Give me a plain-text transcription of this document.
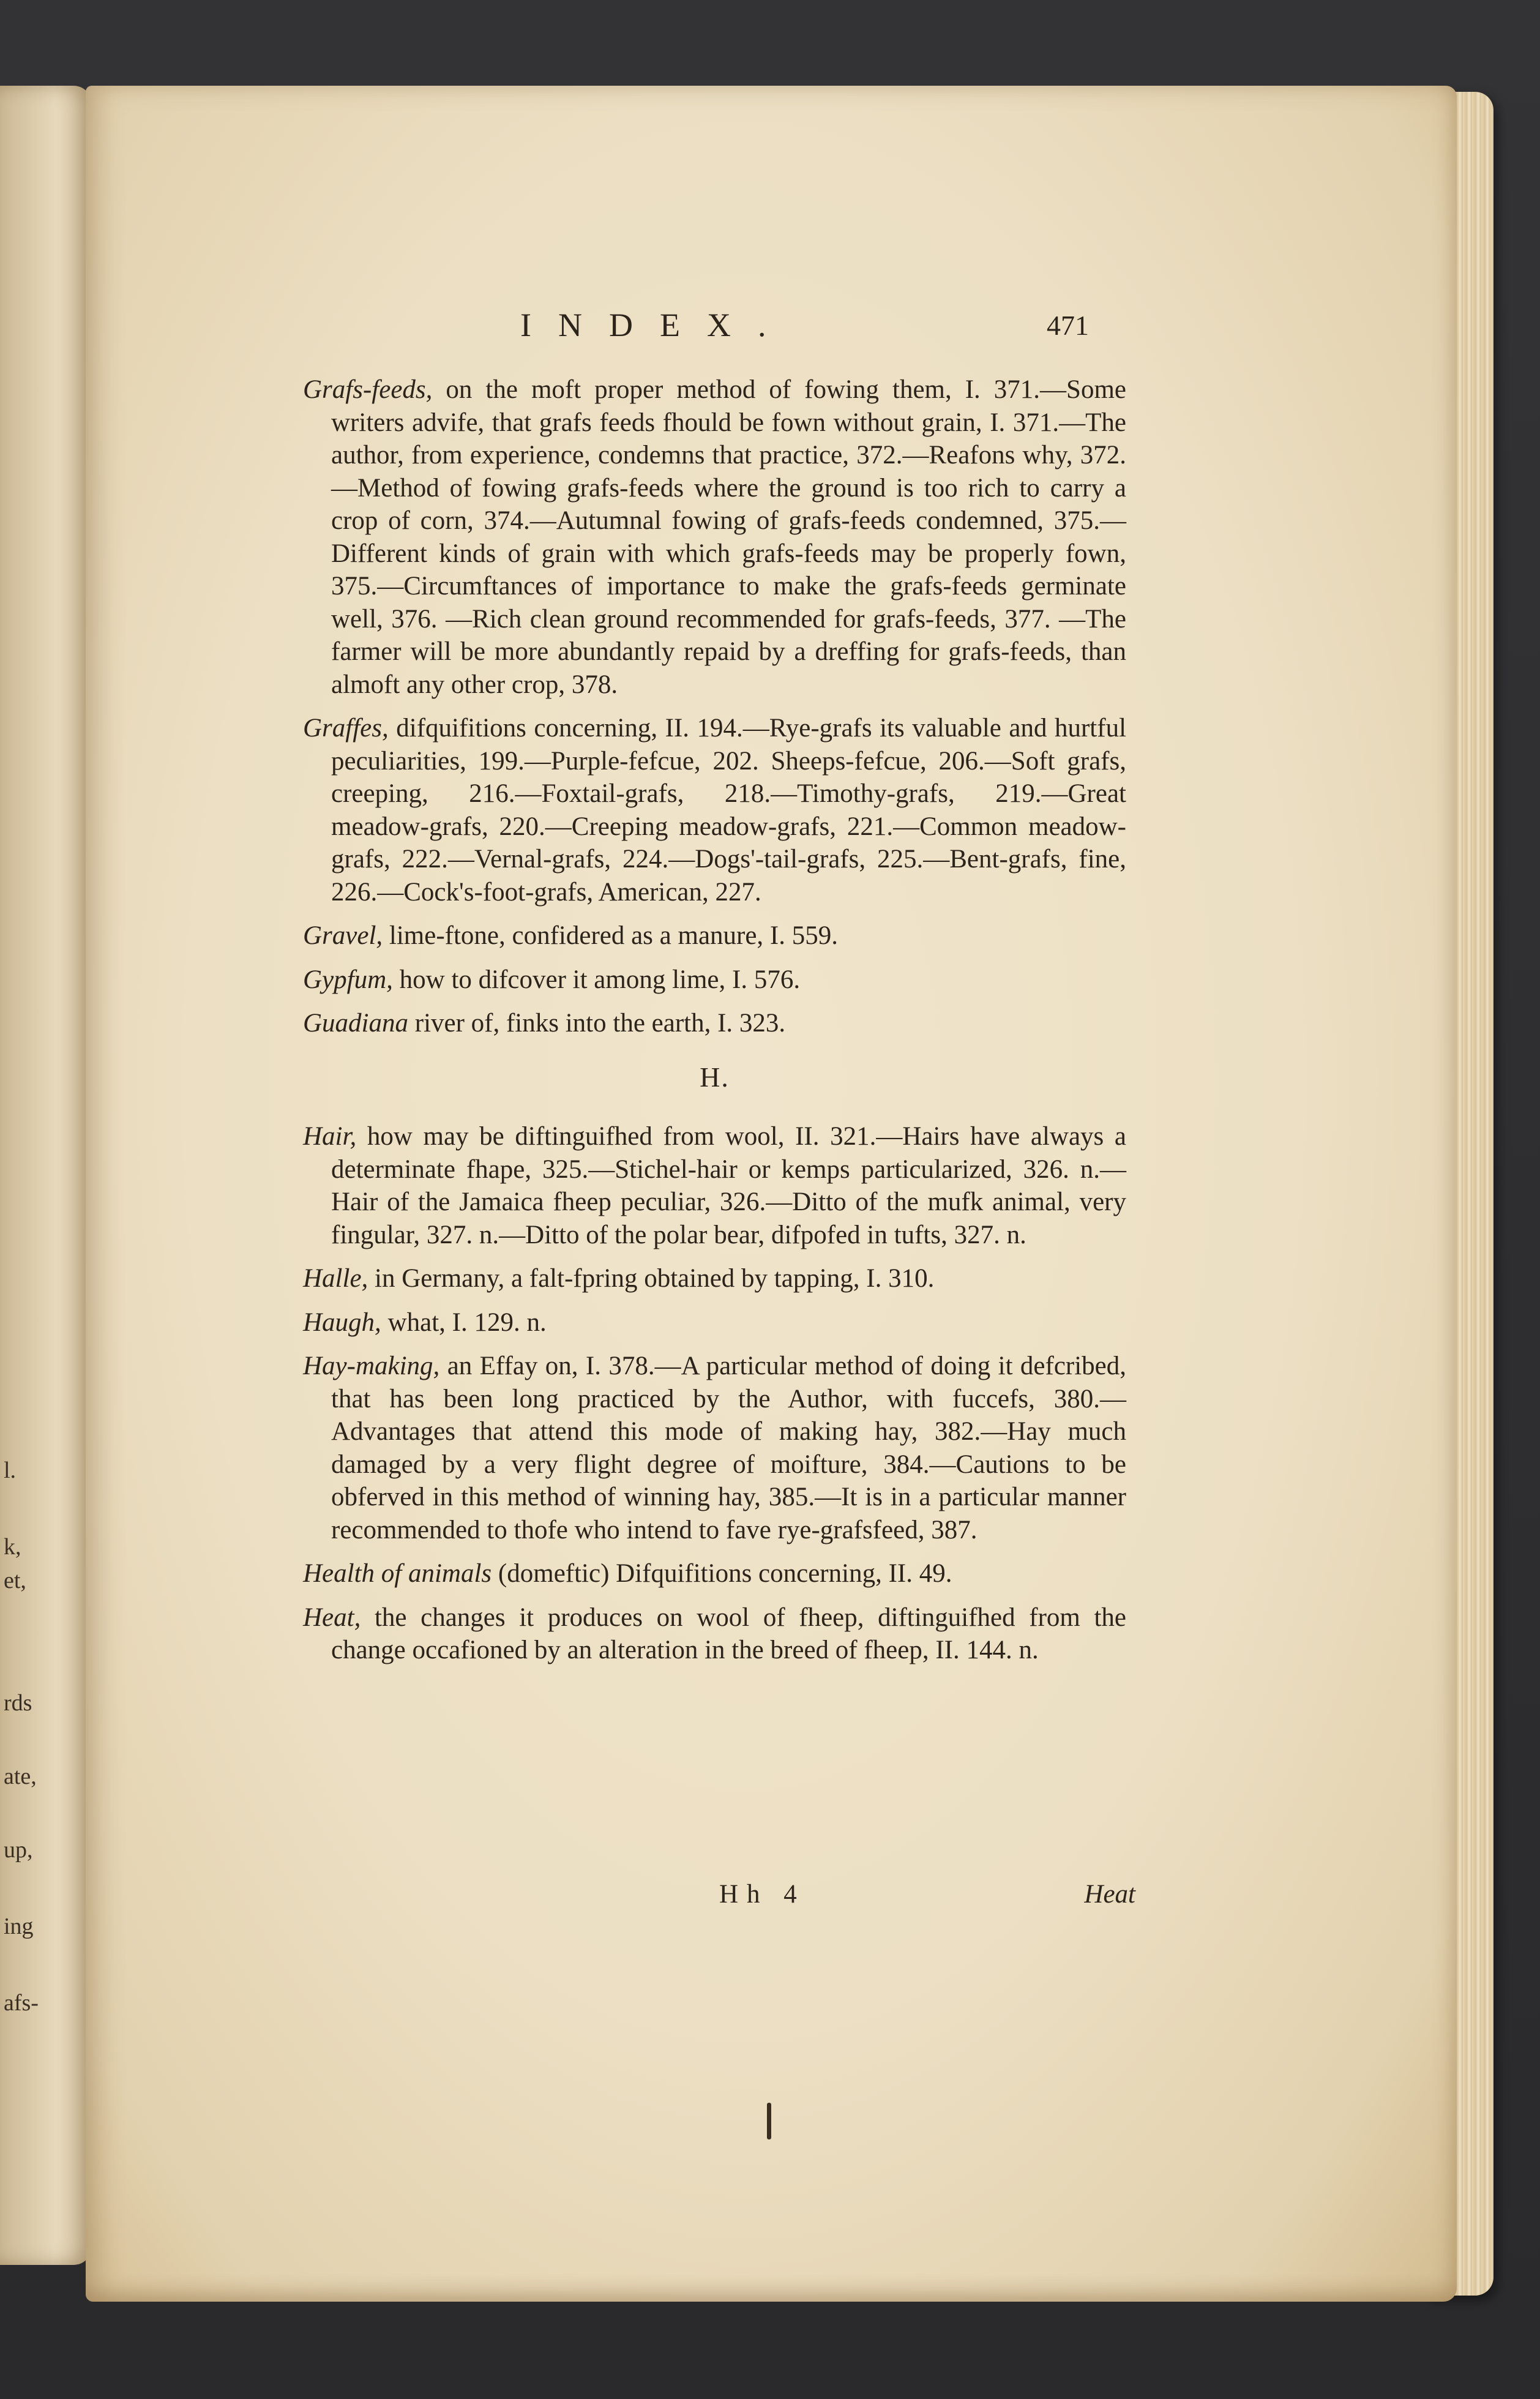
l.
k,
et,
rds
ate,
up,
ing
afs-
INDEX.	471

Grafs-feeds, on the moft proper method of fowing them, I. 371.—Some writers advife, that grafs feeds fhould be fown without grain, I. 371.—The author, from experience, condemns that practice, 372.—Reafons why, 372.—Method of fowing grafs-feeds where the ground is too rich to carry a crop of corn, 374.—Autumnal fowing of grafs-feeds condemned, 375.—Different kinds of grain with which grafs-feeds may be properly fown, 375.—Circumftances of importance to make the grafs-feeds germinate well, 376. —Rich clean ground recommended for grafs-feeds, 377. —The farmer will be more abundantly repaid by a dreffing for grafs-feeds, than almoft any other crop, 378.

Graffes, difquifitions concerning, II. 194.—Rye-grafs its valuable and hurtful peculiarities, 199.—Purple-fefcue, 202. Sheeps-fefcue, 206.—Soft grafs, creeping, 216.—Foxtail-grafs, 218.—Timothy-grafs, 219.—Great meadow-grafs, 220.—Creeping meadow-grafs, 221.—Common meadow-grafs, 222.—Vernal-grafs, 224.—Dogs'-tail-grafs, 225.—Bent-grafs, fine, 226.—Cock's-foot-grafs, American, 227.

Gravel, lime-ftone, confidered as a manure, I. 559.

Gypfum, how to difcover it among lime, I. 576.

Guadiana river of, finks into the earth, I. 323.

H.

Hair, how may be diftinguifhed from wool, II. 321.—Hairs have always a determinate fhape, 325.—Stichel-hair or kemps particularized, 326. n.—Hair of the Jamaica fheep peculiar, 326.—Ditto of the mufk animal, very fingular, 327. n.—Ditto of the polar bear, difpofed in tufts, 327. n.

Halle, in Germany, a falt-fpring obtained by tapping, I. 310.

Haugh, what, I. 129. n.

Hay-making, an Effay on, I. 378.—A particular method of doing it defcribed, that has been long practiced by the Author, with fuccefs, 380.—Advantages that attend this mode of making hay, 382.—Hay much damaged by a very flight degree of moifture, 384.—Cautions to be obferved in this method of winning hay, 385.—It is in a particular manner recommended to thofe who intend to fave rye-grafsfeed, 387.

Health of animals (domeftic) Difquifitions concerning, II. 49.

Heat, the changes it produces on wool of fheep, diftinguifhed from the change occafioned by an alteration in the breed of fheep, II. 144. n.

Hh 4	Heat
